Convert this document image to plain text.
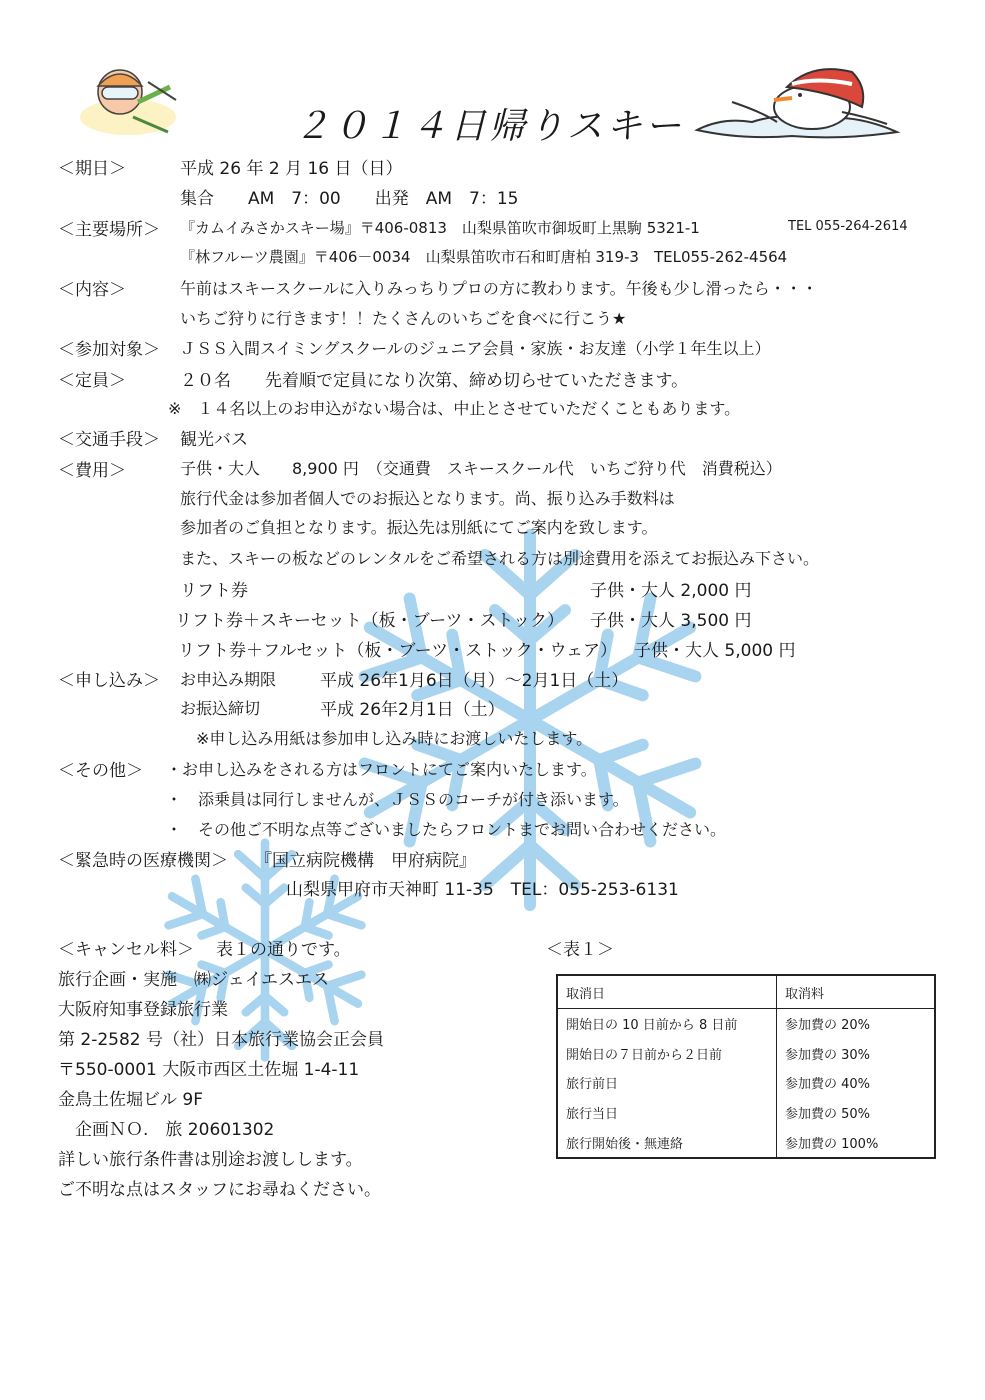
２０１４日帰りスキー
＜期日＞	平成 26 年 2 月 16 日（日）
集合　　AM　7：00　　出発　AM　7：15
＜主要場所＞ 『カムイみさかスキー場』〒406-0813　山梨県笛吹市御坂町上黒駒 5321-1	TEL 055-264-2614
『林フルーツ農園』〒406－0034　山梨県笛吹市石和町唐柏 319-3　TEL055-262-4564
＜内容＞	午前はスキースクールに入りみっちりプロの方に教わります。午後も少し滑ったら・・・
いちご狩りに行きます！！たくさんのいちごを食べに行こう★
＜参加対象＞ ＪＳＳ入間スイミングスクールのジュニア会員・家族・お友達（小学１年生以上）
＜定員＞	２０名　　先着順で定員になり次第、締め切らせていただきます。
※　１４名以上のお申込がない場合は、中止とさせていただくこともあります。
＜交通手段＞ 観光バス
＜費用＞	子供・大人　　8,900 円　（交通費　スキースクール代　いちご狩り代　消費税込）
旅行代金は参加者個人でのお振込となります。尚、振り込み手数料は
参加者のご負担となります。振込先は別紙にてご案内を致します。
また、スキーの板などのレンタルをご希望される方は別途費用を添えてお振込み下さい。
リフト券	子供・大人 2,000 円
リフト券＋スキーセット（板・ブーツ・ストック） 子供・大人 3,500 円
リフト券＋フルセット（板・ブーツ・ストック・ウェア） 子供・大人 5,000 円
＜申し込み＞ お申込み期限	平成 26年1月6日（月）～2月1日（土）
お振込締切	平成 26年2月1日（土）
※申し込み用紙は参加申し込み時にお渡しいたします。
＜その他＞ ・お申し込みをされる方はフロントにてご案内いたします。
・　添乗員は同行しませんが、ＪＳＳのコーチが付き添います。
・　その他ご不明な点等ございましたらフロントまでお問い合わせください。
＜緊急時の医療機関＞ 『国立病院機構　甲府病院』
山梨県甲府市天神町 11-35　TEL：055-253-6131
＜キャンセル料＞ 表１の通りです。	＜表１＞
取消日	取消料
開始日の 10 日前から 8 日前	参加費の 20%
開始日の７日前から２日前	参加費の 30%
旅行前日	参加費の 40%
旅行当日	参加費の 50%
旅行開始後・無連絡	参加費の 100%
旅行企画・実施　㈱ジェイエスエス
大阪府知事登録旅行業
第 2-2582 号（社）日本旅行業協会正会員
〒550-0001 大阪市西区土佐堀 1-4-11
金鳥土佐堀ビル 9F
　企画ＮＯ.　旅 20601302
詳しい旅行条件書は別途お渡しします。
ご不明な点はスタッフにお尋ねください。
